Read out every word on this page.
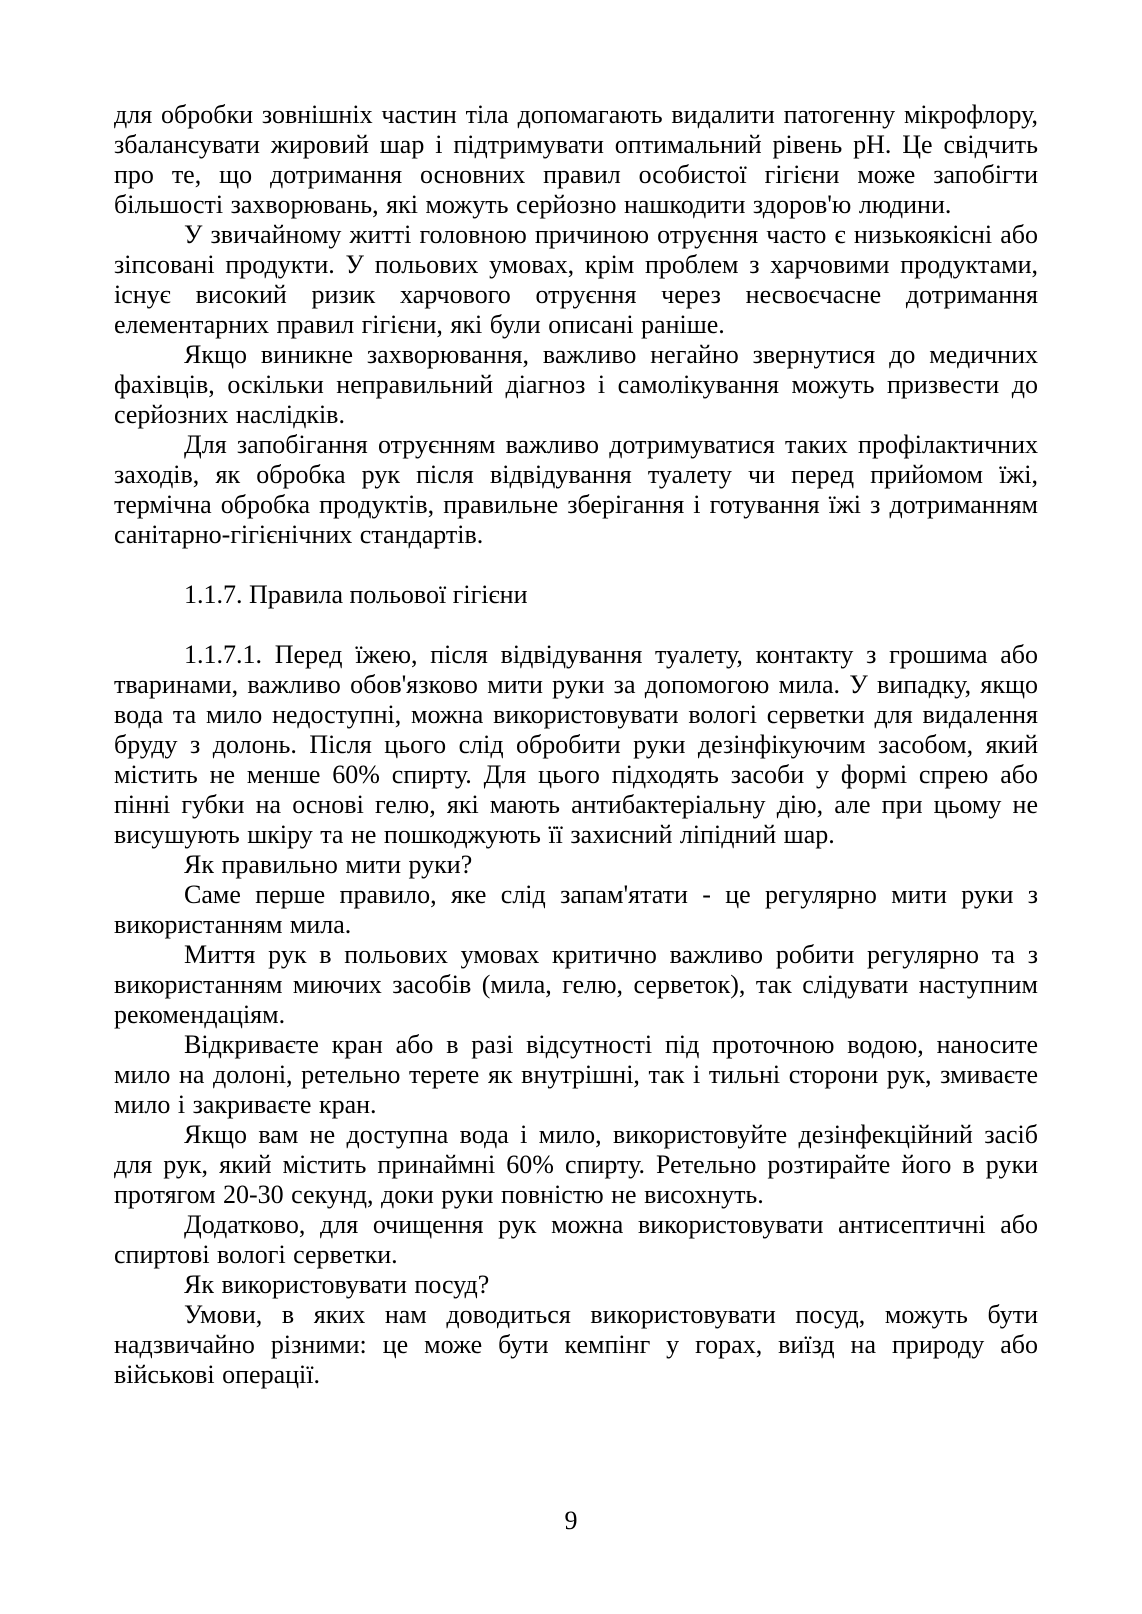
для обробки зовнішніх частин тіла допомагають видалити патогенну мікрофлору, збалансувати жировий шар і підтримувати оптимальний рівень pH. Це свідчить про те, що дотримання основних правил особистої гігієни може запобігти більшості захворювань, які можуть серйозно нашкодити здоров'ю людини.

У звичайному житті головною причиною отруєння часто є низькоякісні або зіпсовані продукти. У польових умовах, крім проблем з харчовими продуктами, існує високий ризик харчового отруєння через несвоєчасне дотримання елементарних правил гігієни, які були описані раніше.

Якщо виникне захворювання, важливо негайно звернутися до медичних фахівців, оскільки неправильний діагноз і самолікування можуть призвести до серйозних наслідків.

Для запобігання отруєнням важливо дотримуватися таких профілактичних заходів, як обробка рук після відвідування туалету чи перед прийомом їжі, термічна обробка продуктів, правильне зберігання і готування їжі з дотриманням санітарно-гігієнічних стандартів.

1.1.7. Правила польової гігієни

1.1.7.1. Перед їжею, після відвідування туалету, контакту з грошима або тваринами, важливо обов'язково мити руки за допомогою мила. У випадку, якщо вода та мило недоступні, можна використовувати вологі серветки для видалення бруду з долонь. Після цього слід обробити руки дезінфікуючим засобом, який містить не менше 60% спирту. Для цього підходять засоби у формі спрею або пінні губки на основі гелю, які мають антибактеріальну дію, але при цьому не висушують шкіру та не пошкоджують її захисний ліпідний шар.

Як правильно мити руки?

Саме перше правило, яке слід запам'ятати - це регулярно мити руки з використанням мила.

Миття рук в польових умовах критично важливо робити регулярно та з використанням миючих засобів (мила, гелю, серветок), так слідувати наступним рекомендаціям.

Відкриваєте кран або в разі відсутності під проточною водою, наносите мило на долоні, ретельно терете як внутрішні, так і тильні сторони рук, змиваєте мило і закриваєте кран.

Якщо вам не доступна вода і мило, використовуйте дезінфекційний засіб для рук, який містить принаймні 60% спирту. Ретельно розтирайте його в руки протягом 20-30 секунд, доки руки повністю не висохнуть.

Додатково, для очищення рук можна використовувати антисептичні або спиртові вологі серветки.

Як використовувати посуд?

Умови, в яких нам доводиться використовувати посуд, можуть бути надзвичайно різними: це може бути кемпінг у горах, виїзд на природу або військові операції.

9
